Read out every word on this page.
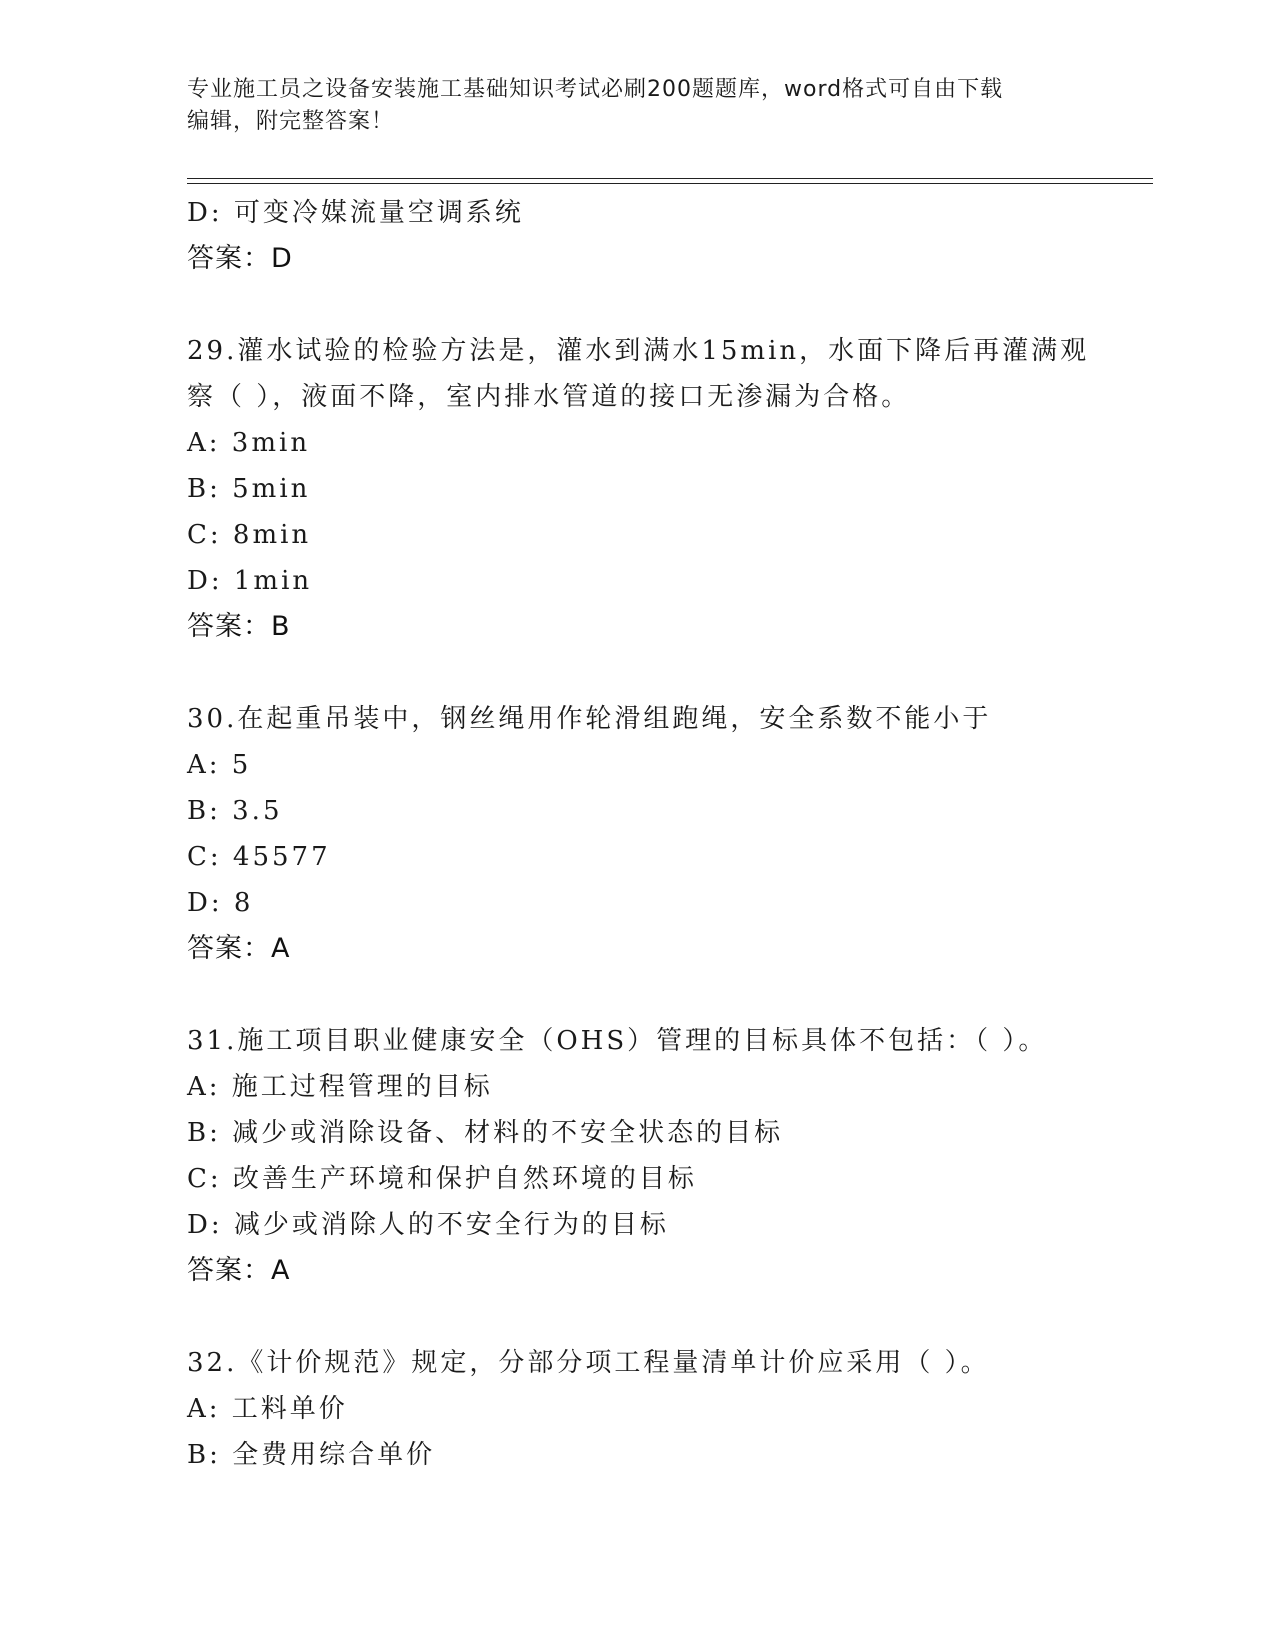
专业施工员之设备安装施工基础知识考试必刷200题题库，word格式可自由下载
编辑，附完整答案！
D: 可变冷媒流量空调系统
答案：D
29.灌水试验的检验方法是，灌水到满水15min，水面下降后再灌满观
察（ ），液面不降，室内排水管道的接口无渗漏为合格。
A: 3min
B: 5min
C: 8min
D: 1min
答案：B
30.在起重吊装中，钢丝绳用作轮滑组跑绳，安全系数不能小于
A: 5
B: 3.5
C: 45577
D: 8
答案：A
31.施工项目职业健康安全（OHS）管理的目标具体不包括：（ ）。
A: 施工过程管理的目标
B: 减少或消除设备、材料的不安全状态的目标
C: 改善生产环境和保护自然环境的目标
D: 减少或消除人的不安全行为的目标
答案：A
32.《计价规范》规定，分部分项工程量清单计价应采用（ ）。
A: 工料单价
B: 全费用综合单价
